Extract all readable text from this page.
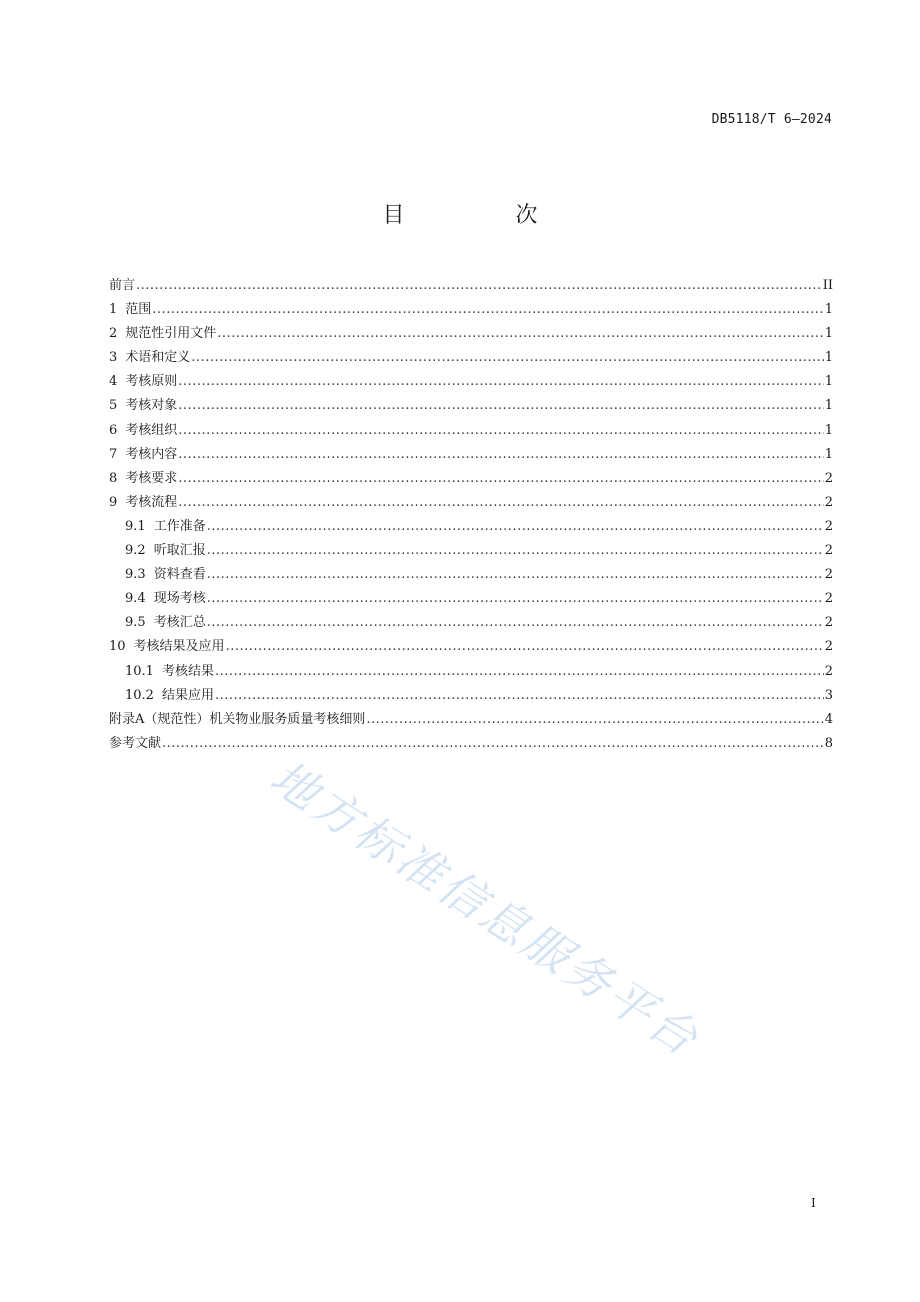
DB5118/T 6—2024
目 次
前言 .....	II
1 范围 .....	1
2 规范性引用文件 .....	1
3 术语和定义 .....	1
4 考核原则 .....	1
5 考核对象 .....	1
6 考核组织 .....	1
7 考核内容 .....	1
8 考核要求 .....	2
9 考核流程 .....	2
9.1 工作准备 .....	2
9.2 听取汇报 .....	2
9.3 资料查看 .....	2
9.4 现场考核 .....	2
9.5 考核汇总 .....	2
10 考核结果及应用 .....	2
10.1 考核结果 .....	2
10.2 结果应用 .....	3
附录A（规范性）机关物业服务质量考核细则 .....	4
参考文献 .....	8
地方标准信息服务平台
I
